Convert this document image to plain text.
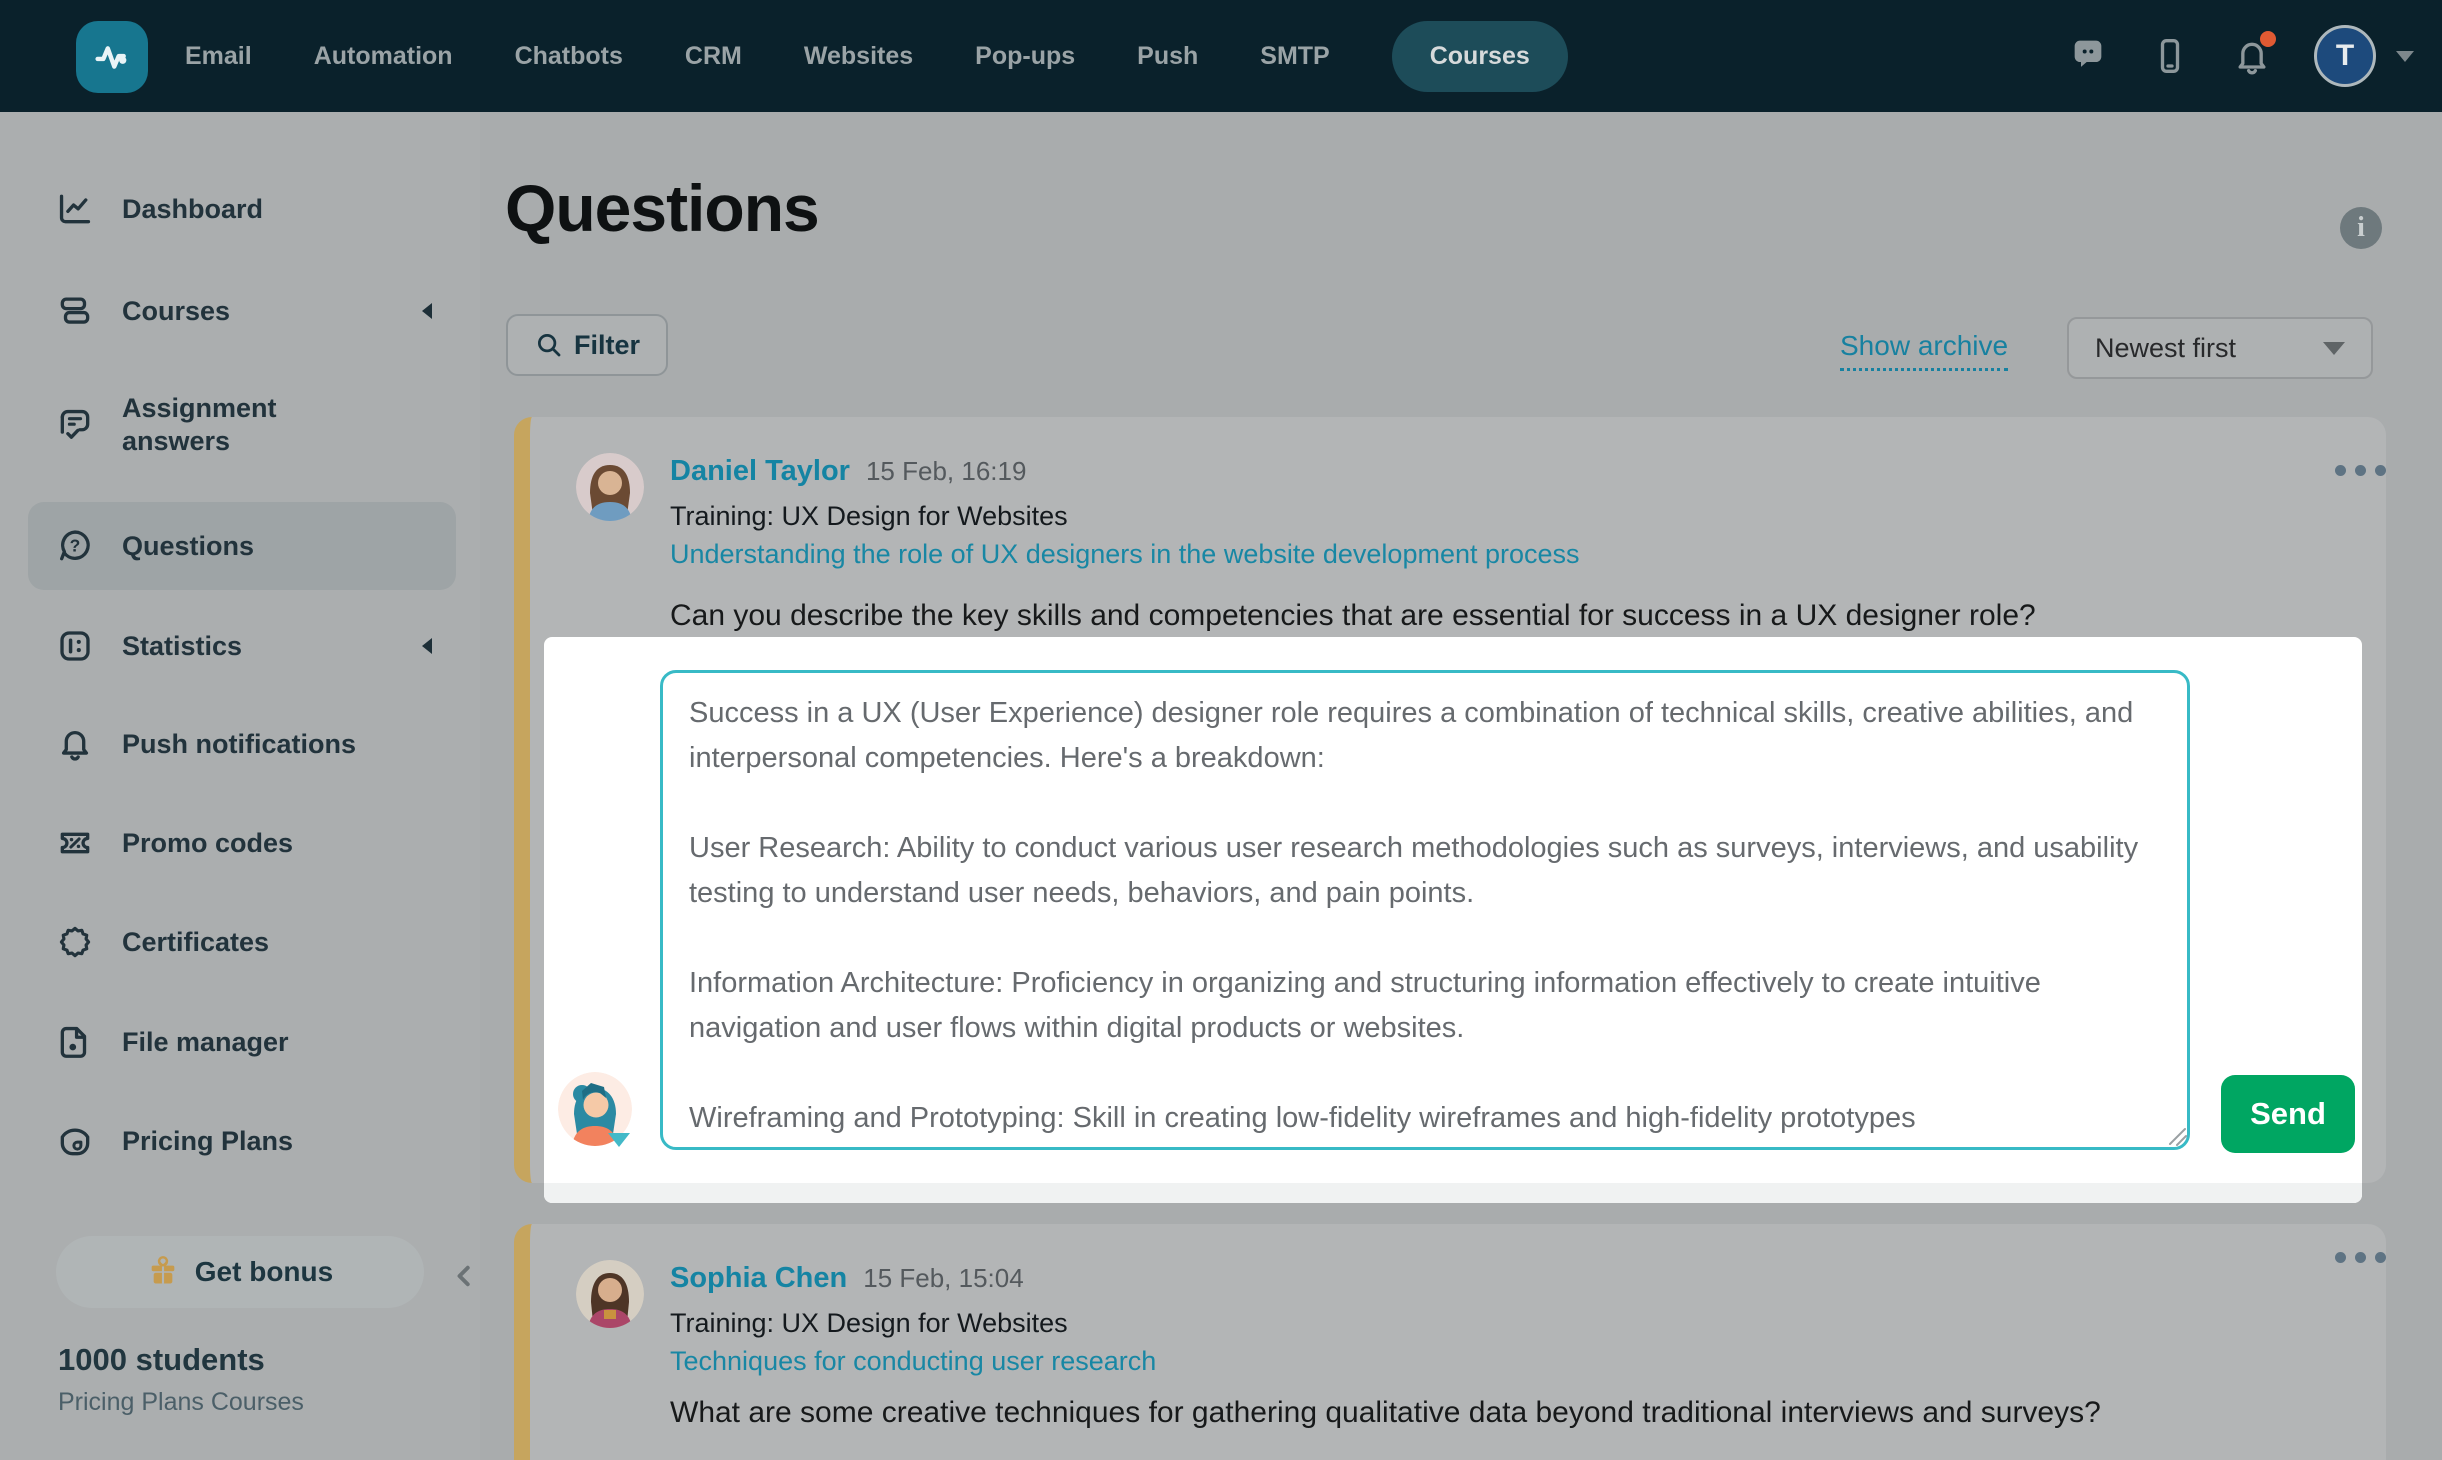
Email Automation Chatbots CRM Websites Pop-ups Push SMTP	Courses	T
Dashboard
Courses
Assignment answers
? Questions
Statistics
Push notifications
Promo codes
Certificates
File manager
Pricing Plans
Get bonus
1000 students
Pricing Plans Courses
Questions	i
Filter	Show archive	Newest first
Daniel Taylor 15 Feb, 16:19
Training: UX Design for Websites
Understanding the role of UX designers in the website development process
Can you describe the key skills and competencies that are essential for success in a UX designer role?
Success in a UX (User Experience) designer role requires a combination of technical skills, creative abilities, and interpersonal competencies. Here's a breakdown: User Research: Ability to conduct various user research methodologies such as surveys, interviews, and usability testing to understand user needs, behaviors, and pain points. Information Architecture: Proficiency in organizing and structuring information effectively to create intuitive navigation and user flows within digital products or websites. Wireframing and Prototyping: Skill in creating low-fidelity wireframes and high-fidelity prototypes
Send
Sophia Chen 15 Feb, 15:04
Training: UX Design for Websites
Techniques for conducting user research
What are some creative techniques for gathering qualitative data beyond traditional interviews and surveys?
